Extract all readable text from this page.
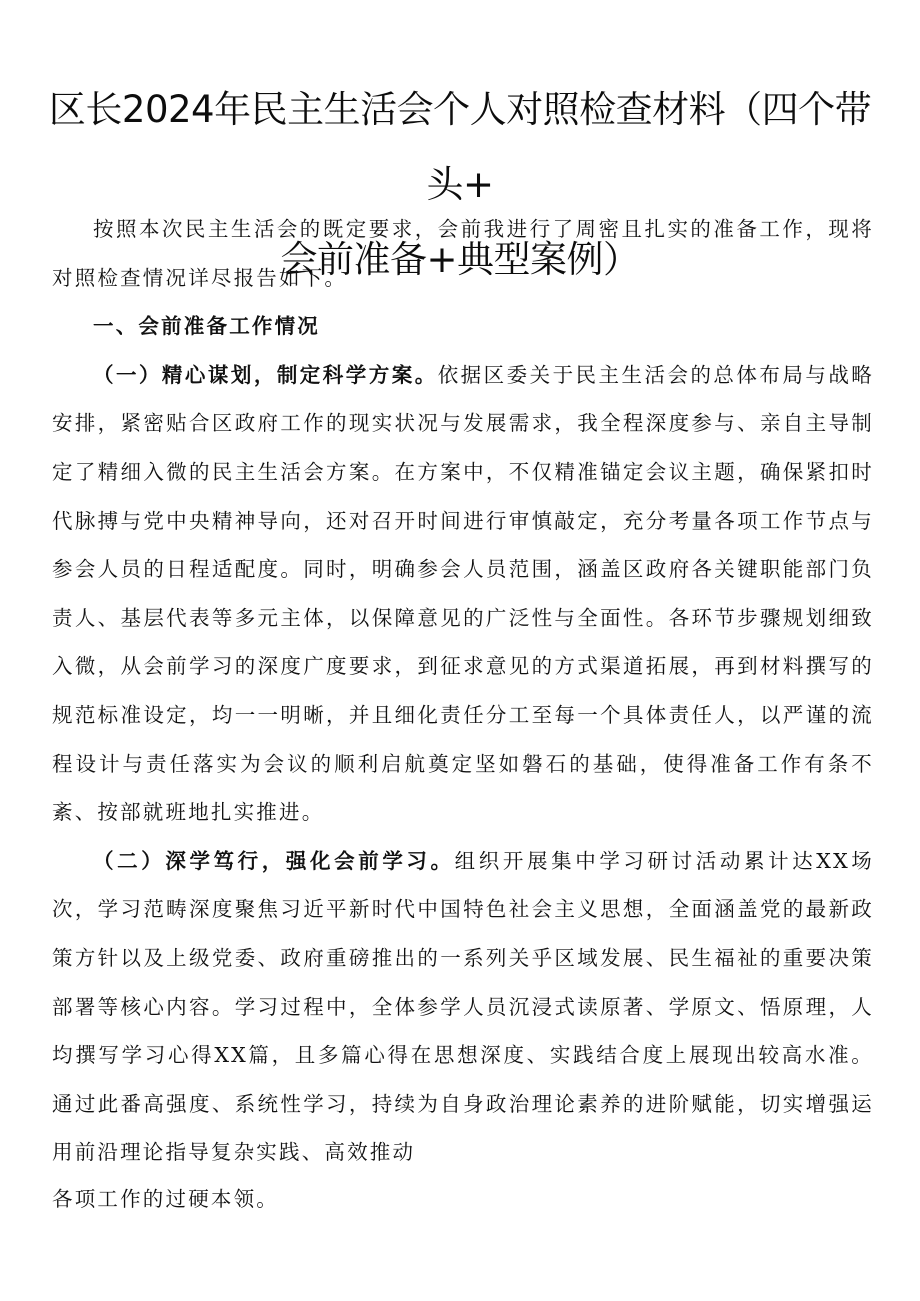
区长2024年民主生活会个人对照检查材料（四个带头+
会前准备+典型案例）

按照本次民主生活会的既定要求，会前我进行了周密且扎实的准备工作，现将对照检查情况详尽报告如下。

一、会前准备工作情况

（一）精心谋划，制定科学方案。依据区委关于民主生活会的总体布局与战略安排，紧密贴合区政府工作的现实状况与发展需求，我全程深度参与、亲自主导制定了精细入微的民主生活会方案。在方案中，不仅精准锚定会议主题，确保紧扣时代脉搏与党中央精神导向，还对召开时间进行审慎敲定，充分考量各项工作节点与参会人员的日程适配度。同时，明确参会人员范围，涵盖区政府各关键职能部门负责人、基层代表等多元主体，以保障意见的广泛性与全面性。各环节步骤规划细致入微，从会前学习的深度广度要求，到征求意见的方式渠道拓展，再到材料撰写的规范标准设定，均一一明晰，并且细化责任分工至每一个具体责任人，以严谨的流程设计与责任落实为会议的顺利启航奠定坚如磐石的基础，使得准备工作有条不紊、按部就班地扎实推进。

（二）深学笃行，强化会前学习。组织开展集中学习研讨活动累计达XX场次，学习范畴深度聚焦习近平新时代中国特色社会主义思想，全面涵盖党的最新政策方针以及上级党委、政府重磅推出的一系列关乎区域发展、民生福祉的重要决策部署等核心内容。学习过程中，全体参学人员沉浸式读原著、学原文、悟原理，人均撰写学习心得XX篇，且多篇心得在思想深度、实践结合度上展现出较高水准。通过此番高强度、系统性学习，持续为自身政治理论素养的进阶赋能，切实增强运用前沿理论指导复杂实践、高效推动

各项工作的过硬本领。
